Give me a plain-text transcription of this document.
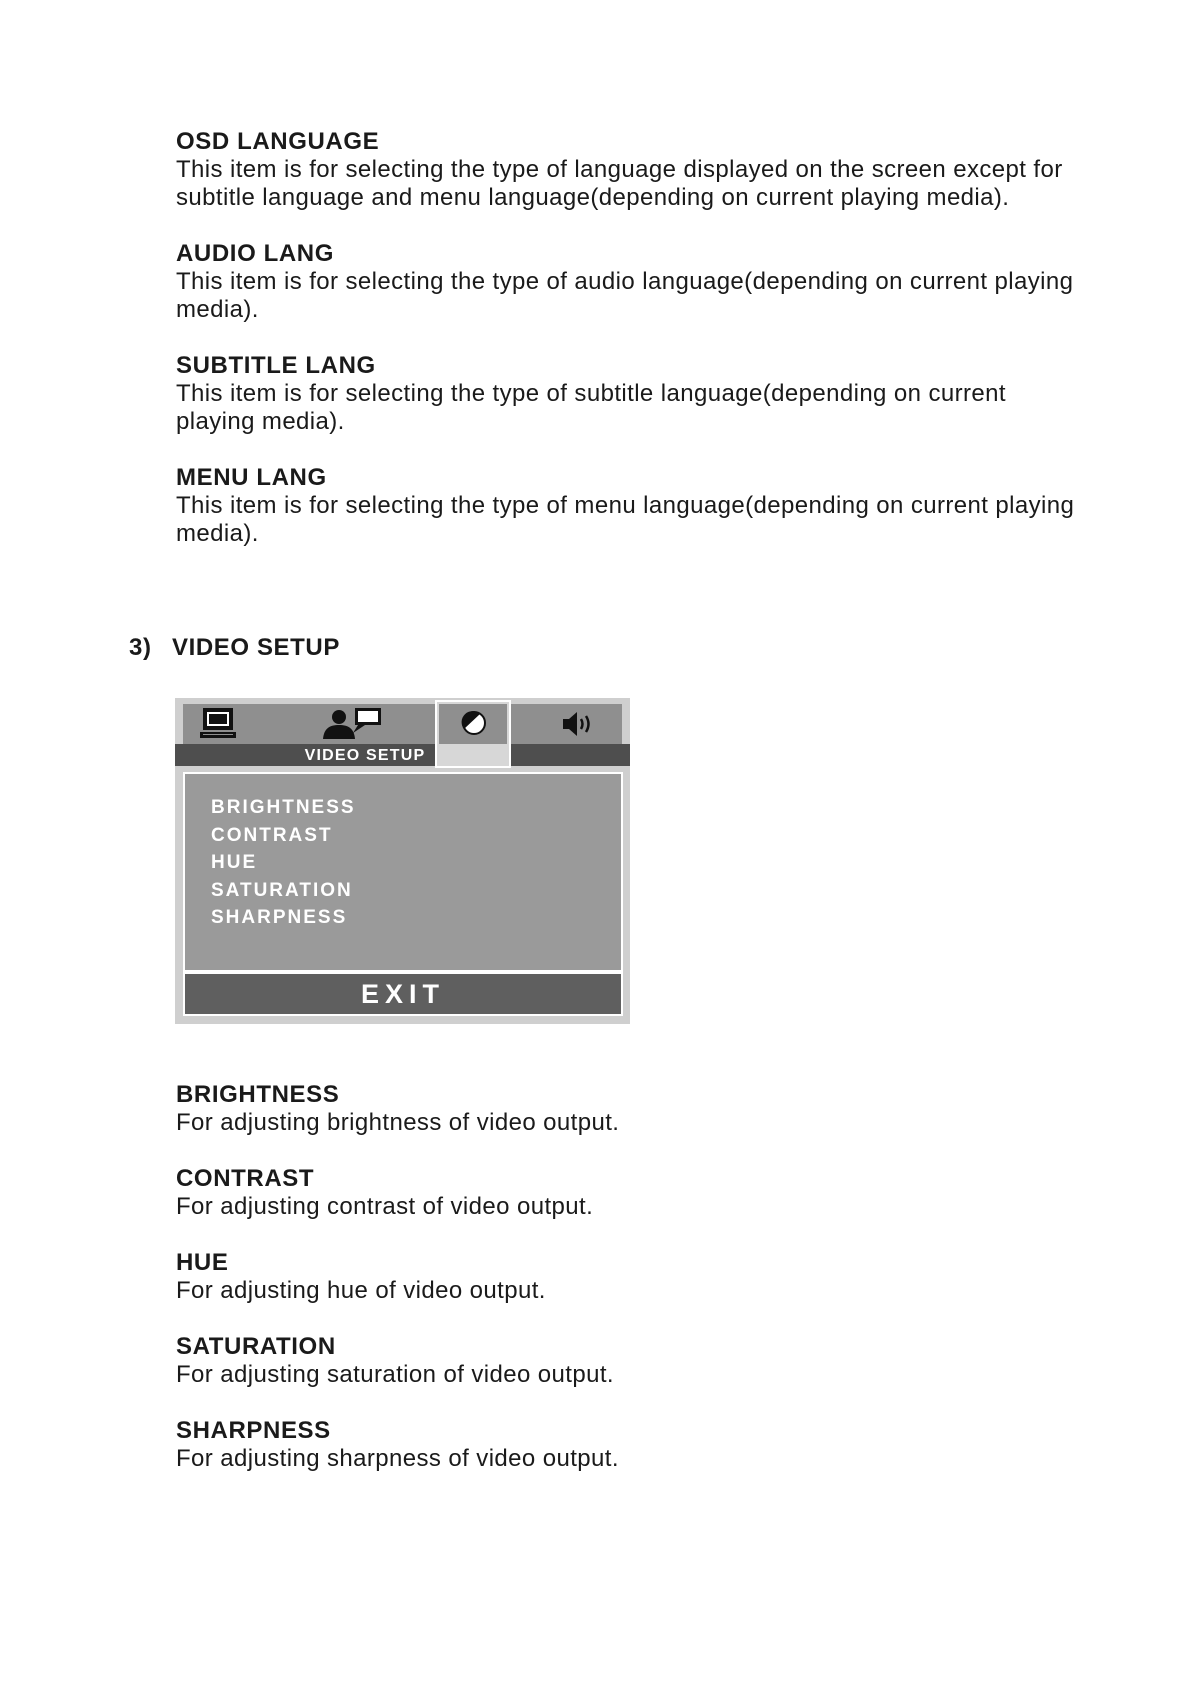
OSD LANGUAGE

This item is for selecting the type of language displayed on the screen except for subtitle language and menu language(depending on current playing media).

AUDIO LANG

This item is for selecting the type of audio language(depending on current playing media).

SUBTITLE LANG

This item is for selecting the type of subtitle language(depending on current playing media).

MENU LANG

This item is for selecting the type of menu language(depending on current playing media).

3) VIDEO SETUP
VIDEO SETUP
BRIGHTNESS
CONTRAST
HUE
SATURATION
SHARPNESS
EXIT

BRIGHTNESS

For adjusting brightness of video output.

CONTRAST

For adjusting contrast of video output.

HUE

For adjusting hue of video output.

SATURATION

For adjusting saturation of video output.

SHARPNESS

For adjusting sharpness of video output.
